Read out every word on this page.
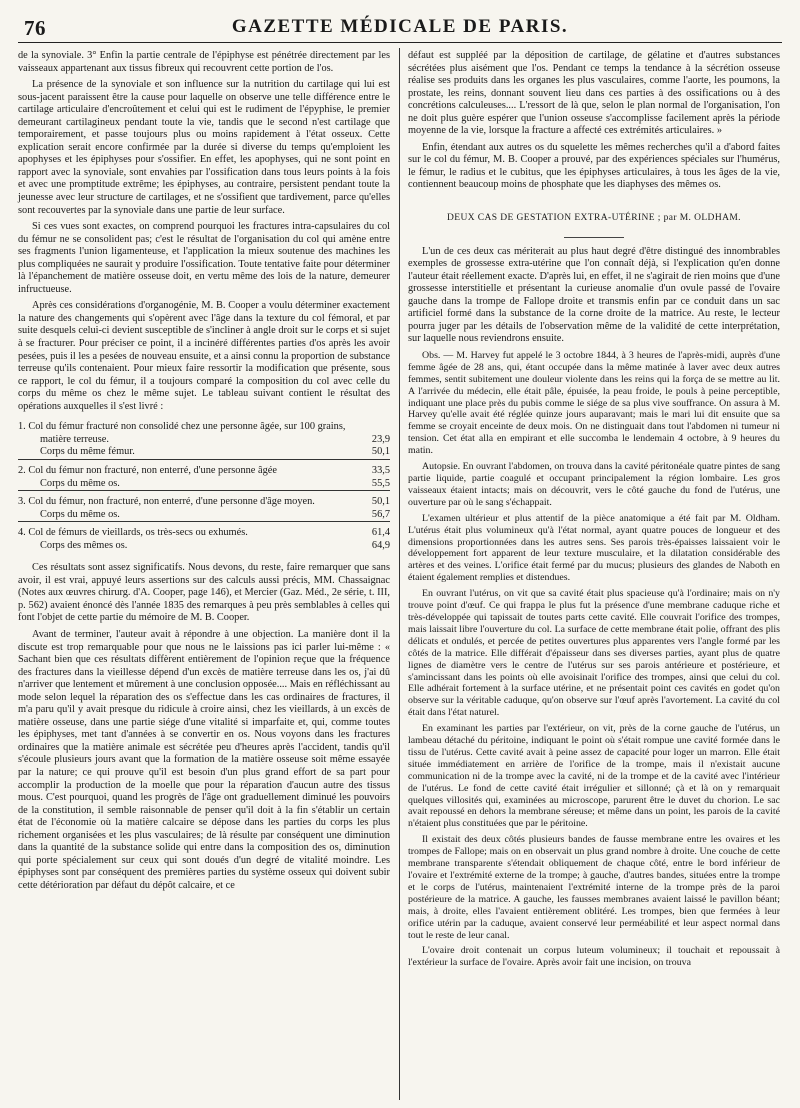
76	GAZETTE MÉDICALE DE PARIS.

de la synoviale. 3° Enfin la partie centrale de l'épiphyse est pénétrée directement par les vaisseaux appartenant aux tissus fibreux qui recouvrent cette portion de l'os.

La présence de la synoviale et son influence sur la nutrition du cartilage qui lui est sous-jacent paraissent être la cause pour laquelle on observe une telle différence entre le cartilage articulaire d'encroûtement et celui qui est le rudiment de l'épyphise, le premier demeurant cartilagineux pendant toute la vie, tandis que le second n'est cartilage que temporairement, et passe toujours plus ou moins rapidement à l'état osseux. Cette explication serait encore confirmée par la durée si diverse du temps qu'emploient les apophyses et les épiphyses pour s'ossifier. En effet, les apophyses, qui ne sont point en rapport avec la synoviale, sont envahies par l'ossification dans tous leurs points à la fois et avec une promptitude extrême; les épiphyses, au contraire, persistent pendant toute la jeunesse avec leur structure de cartilages, et ne s'ossifient que tardivement, parce qu'elles sont recouvertes par la synoviale dans une partie de leur surface.

Si ces vues sont exactes, on comprend pourquoi les fractures intra-capsulaires du col du fémur ne se consolident pas; c'est le résultat de l'organisation du col qui amène entre ses fragments l'union ligamenteuse, et l'application la mieux soutenue des machines les plus compliquées ne saurait y produire l'ossification. Toute tentative faite pour déterminer là l'épanchement de matière osseuse doit, en vertu même des lois de la nature, demeurer infructueuse.

Après ces considérations d'organogénie, M. B. Cooper a voulu déterminer exactement la nature des changements qui s'opèrent avec l'âge dans la texture du col fémoral, et par suite desquels celui-ci devient susceptible de s'incliner à angle droit sur le corps et si sujet à se fracturer. Pour préciser ce point, il a incinéré différentes parties d'os après les avoir pesées, puis il les a pesées de nouveau ensuite, et a ainsi connu la proportion de substance terreuse qu'ils contenaient. Pour mieux faire ressortir la modification que présente, sous ce rapport, le col du fémur, il a toujours comparé la composition du col avec celle du corps du même os chez le même sujet. Le tableau suivant contient le résultat des opérations auxquelles il s'est livré :

1. Col du fémur fracturé non consolidé chez une personne âgée, sur 100 grains,
matière terreuse.	23,9
Corps du même fémur.	50,1
2. Col du fémur non fracturé, non enterré, d'une personne âgée	33,5
Corps du même os.	55,5
3. Col du fémur, non fracturé, non enterré, d'une personne d'âge moyen.	50,1
Corps du même os.	56,7
4. Col de fémurs de vieillards, os très-secs ou exhumés.	61,4
Corps des mêmes os.	64,9

Ces résultats sont assez significatifs. Nous devons, du reste, faire remarquer que sans avoir, il est vrai, appuyé leurs assertions sur des calculs aussi précis, MM. Chassaignac (Notes aux œuvres chirurg. d'A. Cooper, page 146), et Mercier (Gaz. Méd., 2e série, t. III, p. 562) avaient énoncé dès l'année 1835 des remarques à peu près semblables à celles qui font l'objet de cette partie du mémoire de M. B. Cooper.

Avant de terminer, l'auteur avait à répondre à une objection. La manière dont il la discute est trop remarquable pour que nous ne le laissions pas ici parler lui-même : « Sachant bien que ces résultats diffèrent entièrement de l'opinion reçue que la fréquence des fractures dans la vieillesse dépend d'un excès de matière terreuse dans les os, j'ai dû n'arriver que lentement et mûrement à une conclusion opposée.... Mais en réfléchissant au mode selon lequel la réparation des os s'effectue dans les cas ordinaires de fractures, il m'a paru qu'il y avait presque du ridicule à croire ainsi, chez les vieillards, à un excès de matière osseuse, dans une partie siége d'une vitalité si imparfaite et, qui, comme toutes les épiphyses, met tant d'années à se convertir en os. Nous voyons dans les fractures ordinaires que la matière animale est sécrétée peu d'heures après l'accident, tandis qu'il s'écoule plusieurs jours avant que la formation de la matière osseuse soit même essayée par la nature; ce qui prouve qu'il est besoin d'un plus grand effort de sa part pour accomplir la production de la moelle que pour la réparation d'aucun autre des tissus mous. C'est pourquoi, quand les progrès de l'âge ont graduellement diminué les pouvoirs de la constitution, il semble raisonnable de penser qu'il doit à la fin s'établir un certain état de l'économie où la matière calcaire se dépose dans les parties du corps les plus richement organisées et les plus vasculaires; de là résulte par conséquent une diminution dans la quantité de la substance solide qui entre dans la composition des os, diminution qui porte spécialement sur ceux qui sont doués d'un degré de vitalité moindre. Les épiphyses sont par conséquent des premières parties du système osseux qui doivent subir cette détérioration par défaut du dépôt calcaire, et ce

défaut est suppléé par la déposition de cartilage, de gélatine et d'autres substances sécrétées plus aisément que l'os. Pendant ce temps la tendance à la sécrétion osseuse réalise ses produits dans les organes les plus vasculaires, comme l'aorte, les poumons, la prostate, les reins, donnant souvent lieu dans ces parties à des ossifications ou à des concrétions calculeuses.... L'ressort de là que, selon le plan normal de l'organisation, l'on ne doit plus guère espérer que l'union osseuse s'accomplisse facilement après la période moyenne de la vie, lorsque la fracture a affecté ces extrémités articulaires. »

Enfin, étendant aux autres os du squelette les mêmes recherches qu'il a d'abord faites sur le col du fémur, M. B. Cooper a prouvé, par des expériences spéciales sur l'humérus, le fémur, le radius et le cubitus, que les épiphyses articulaires, à tous les âges de la vie, contiennent beaucoup moins de phosphate que les diaphyses des mêmes os.

DEUX CAS DE GESTATION EXTRA-UTÉRINE ; par M. OLDHAM.

L'un de ces deux cas mériterait au plus haut degré d'être distingué des innombrables exemples de grossesse extra-utérine que l'on connaît déjà, si l'explication qu'en donne l'auteur était réellement exacte. D'après lui, en effet, il ne s'agirait de rien moins que d'une grossesse interstitielle et présentant la curieuse anomalie d'un ovule passé de l'ovaire gauche dans la trompe de Fallope droite et transmis enfin par ce conduit dans un sac artificiel formé dans la substance de la corne droite de la matrice. Au reste, le lecteur pourra juger par les détails de l'observation même de la validité de cette interprétation, sur laquelle nous reviendrons ensuite.

Obs. — M. Harvey fut appelé le 3 octobre 1844, à 3 heures de l'après-midi, auprès d'une femme âgée de 28 ans, qui, étant occupée dans la même matinée à laver avec deux autres femmes, sentit subitement une douleur violente dans les reins qui la força de se mettre au lit. A l'arrivée du médecin, elle était pâle, épuisée, la peau froide, le pouls à peine perceptible, indiquant une place près du pubis comme le siége de sa plus vive souffrance. On assura à M. Harvey qu'elle avait été réglée quinze jours auparavant; mais le mari lui dit ensuite que sa femme se croyait enceinte de deux mois. On ne distinguait dans tout l'abdomen ni tumeur ni tension. Cet état alla en empirant et elle succomba le lendemain 4 octobre, à 9 heures du matin.

Autopsie. En ouvrant l'abdomen, on trouva dans la cavité péritonéale quatre pintes de sang partie liquide, partie coagulé et occupant principalement la région lombaire. Les gros vaisseaux étaient intacts; mais on découvrit, vers le côté gauche du fond de l'utérus, une ouverture par où le sang s'échappait.

L'examen ultérieur et plus attentif de la pièce anatomique a été fait par M. Oldham. L'utérus était plus volumineux qu'à l'état normal, ayant quatre pouces de longueur et des dimensions proportionnées dans les autres sens. Ses parois très-épaisses laissaient voir le développement fort apparent de leur texture musculaire, et la dilatation considérable des artères et des veines. L'orifice était fermé par du mucus; plusieurs des glandes de Naboth en étaient également remplies et distendues.

En ouvrant l'utérus, on vit que sa cavité était plus spacieuse qu'à l'ordinaire; mais on n'y trouve point d'œuf. Ce qui frappa le plus fut la présence d'une membrane caduque riche et très-développée qui tapissait de toutes parts cette cavité. Elle couvrait l'orifice des trompes, mais laissait libre l'ouverture du col. La surface de cette membrane était polie, offrant des plis délicats et ondulés, et percée de petites ouvertures plus apparentes vers l'angle formé par les côtés de la matrice. Elle différait d'épaisseur dans ses diverses parties, ayant plus de quatre lignes de diamètre vers le centre de l'utérus sur ses parois antérieure et postérieure, et s'amincissant dans les points où elle avoisinait l'orifice des trompes, ainsi que celui du col. Elle adhérait fortement à la surface utérine, et ne présentait point ces cavités en godet qu'on observe sur la véritable caduque, qu'on observe sur l'œuf après l'avortement. La cavité du col était dans l'état naturel.

En examinant les parties par l'extérieur, on vit, près de la corne gauche de l'utérus, un lambeau détaché du péritoine, indiquant le point où s'était rompue une cavité formée dans le tissu de l'utérus. Cette cavité avait à peine assez de capacité pour loger un marron. Elle était située immédiatement en arrière de l'orifice de la trompe, mais il n'existait aucune communication ni de la trompe avec la cavité, ni de la trompe et de la cavité avec l'intérieur de l'utérus. Le fond de cette cavité était irrégulier et sillonné; çà et là on y remarquait quelques villosités qui, examinées au microscope, parurent être le duvet du chorion. Le sac avait repoussé en dehors la membrane séreuse; et même dans un point, les parois de la cavité n'étaient plus constituées que par le péritoine.

Il existait des deux côtés plusieurs bandes de fausse membrane entre les ovaires et les trompes de Fallope; mais on en observait un plus grand nombre à droite. Une couche de cette membrane transparente s'étendait obliquement de chaque côté, entre le bord inférieur de l'ovaire et l'extrémité externe de la trompe; à gauche, d'autres bandes, situées entre la trompe et le corps de l'utérus, maintenaient l'extrémité interne de la trompe près de la paroi postérieure de la matrice. A gauche, les fausses membranes avaient laissé le pavillon béant; mais, à droite, elles l'avaient entièrement oblitéré. Les trompes, bien que fermées à leur orifice utérin par la caduque, avaient conservé leur perméabilité et leur aspect normal dans tout le reste de leur canal.

L'ovaire droit contenait un corpus luteum volumineux; il touchait et repoussait à l'extérieur la surface de l'ovaire. Après avoir fait une incision, on trouva
